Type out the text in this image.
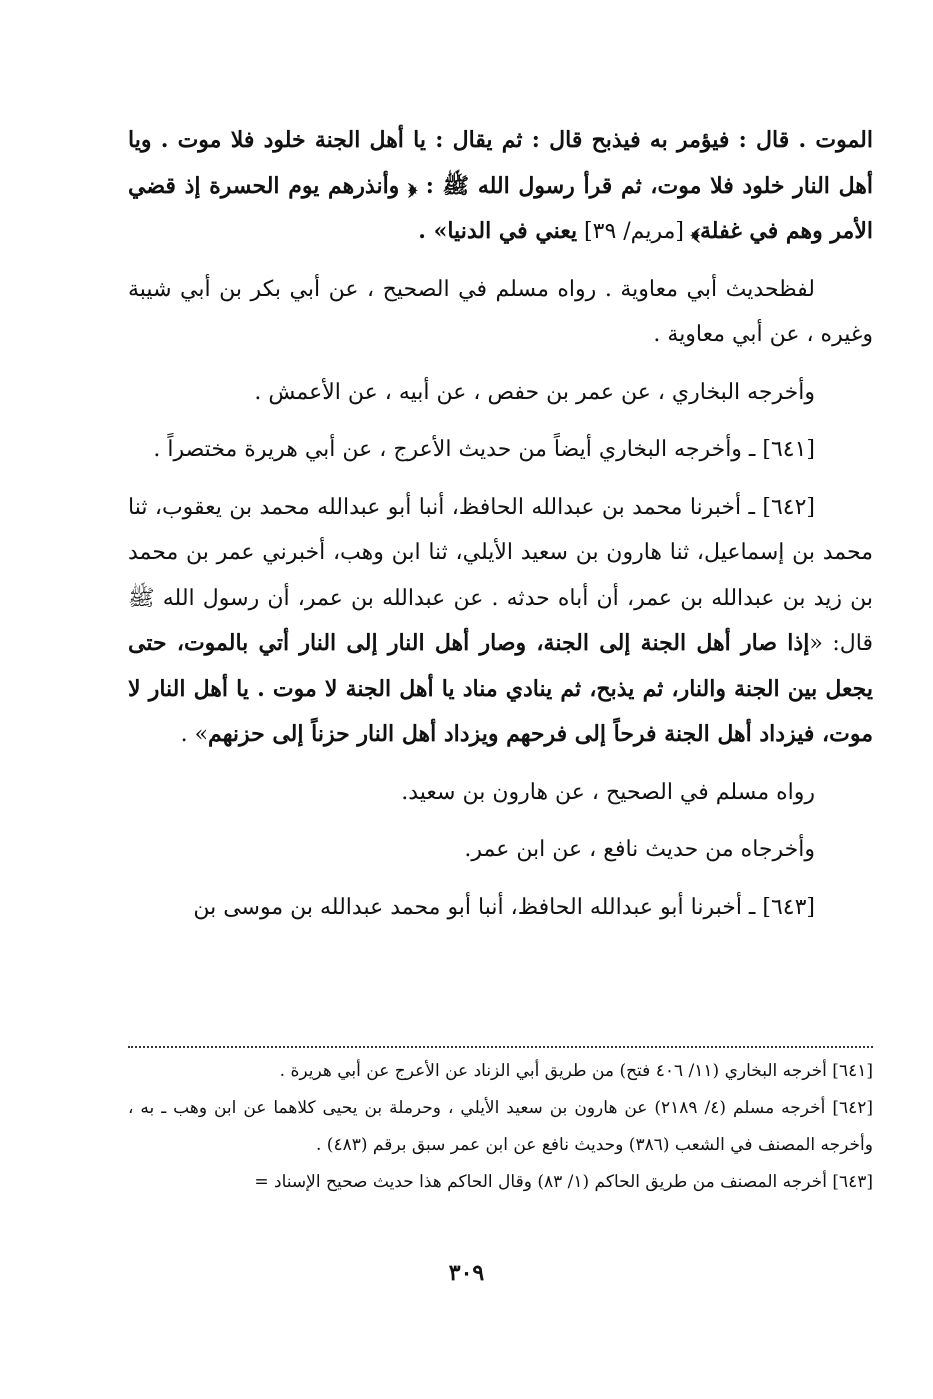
الموت . قال : فيؤمر به فيذبح قال : ثم يقال : يا أهل الجنة خلود فلا موت . ويا أهل النار خلود فلا موت، ثم قرأ رسول الله ﷺ : ﴿ وأنذرهم يوم الحسرة إذ قضي الأمر وهم في غفلة﴾ [مريم/ ٣٩] يعني في الدنيا» .

لفظحديث أبي معاوية . رواه مسلم في الصحيح ، عن أبي بكر بن أبي شيبة وغيره ، عن أبي معاوية .

وأخرجه البخاري ، عن عمر بن حفص ، عن أبيه ، عن الأعمش .

[٦٤١] ـ وأخرجه البخاري أيضاً من حديث الأعرج ، عن أبي هريرة مختصراً .

[٦٤٢] ـ أخبرنا محمد بن عبدالله الحافظ، أنبا أبو عبدالله محمد بن يعقوب، ثنا محمد بن إسماعيل، ثنا هارون بن سعيد الأيلي، ثنا ابن وهب، أخبرني عمر بن محمد بن زيد بن عبدالله بن عمر، أن أباه حدثه . عن عبدالله بن عمر، أن رسول الله ﷺ قال: «إذا صار أهل الجنة إلى الجنة، وصار أهل النار إلى النار أتي بالموت، حتى يجعل بين الجنة والنار، ثم يذبح، ثم ينادي مناد يا أهل الجنة لا موت . يا أهل النار لا موت، فيزداد أهل الجنة فرحاً إلى فرحهم ويزداد أهل النار حزناً إلى حزنهم» .

رواه مسلم في الصحيح ، عن هارون بن سعيد.

وأخرجاه من حديث نافع ، عن ابن عمر.

[٦٤٣] ـ أخبرنا أبو عبدالله الحافظ، أنبا أبو محمد عبدالله بن موسى بن

[٦٤١] أخرجه البخاري (١١/ ٤٠٦ فتح) من طريق أبي الزناد عن الأعرج عن أبي هريرة .

[٦٤٢] أخرجه مسلم (٤/ ٢١٨٩) عن هارون بن سعيد الأيلي ، وحرملة بن يحيى كلاهما عن ابن وهب ـ به ، وأخرجه المصنف في الشعب (٣٨٦) وحديث نافع عن ابن عمر سبق برقم (٤٨٣) .

[٦٤٣] أخرجه المصنف من طريق الحاكم (١/ ٨٣) وقال الحاكم هذا حديث صحيح الإسناد =

٣٠٩
